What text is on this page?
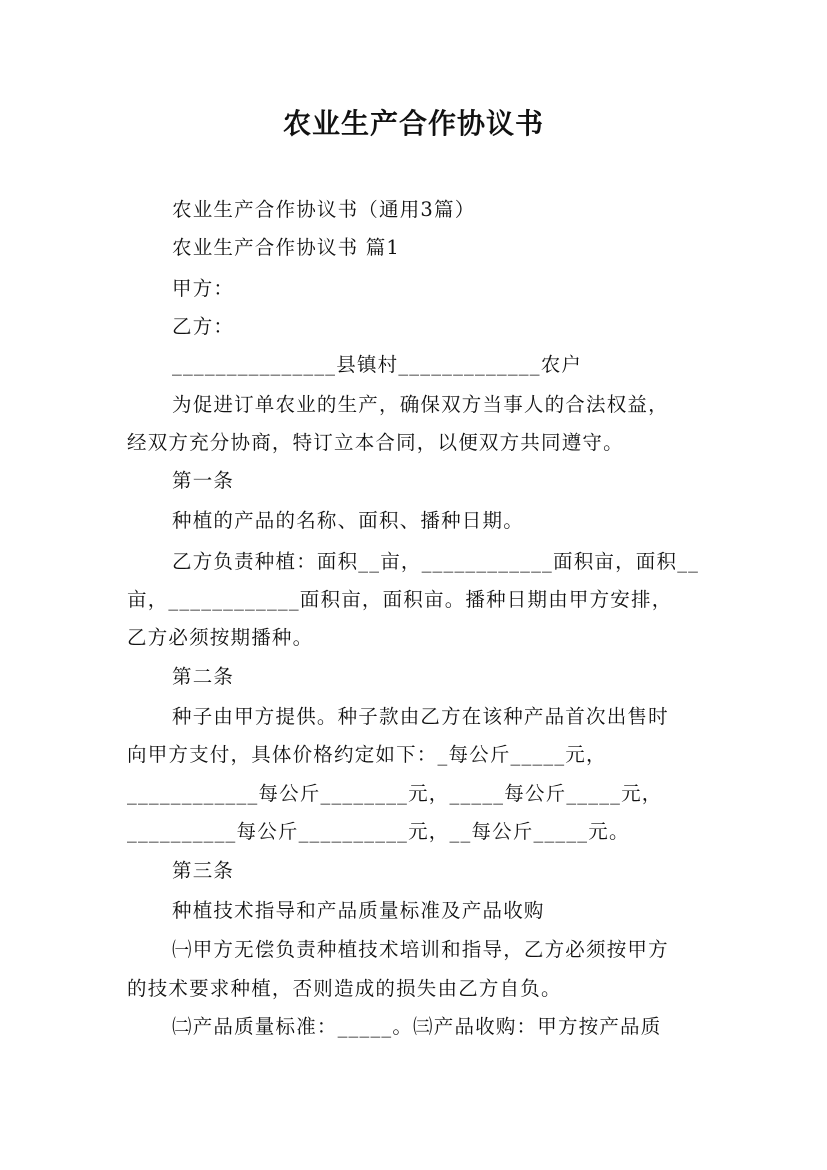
农业生产合作协议书
农业生产合作协议书（通用3篇）
农业生产合作协议书 篇1
甲方：
乙方：
_______________县镇村_____________农户
为促进订单农业的生产，确保双方当事人的合法权益，
经双方充分协商，特订立本合同，以便双方共同遵守。
第一条
种植的产品的名称、面积、播种日期。
乙方负责种植：面积__亩，____________面积亩，面积__
亩，____________面积亩，面积亩。播种日期由甲方安排，
乙方必须按期播种。
第二条
种子由甲方提供。种子款由乙方在该种产品首次出售时
向甲方支付，具体价格约定如下：_每公斤_____元，
____________每公斤________元，_____每公斤_____元，
__________每公斤__________元，__每公斤_____元。
第三条
种植技术指导和产品质量标准及产品收购
㈠甲方无偿负责种植技术培训和指导，乙方必须按甲方
的技术要求种植，否则造成的损失由乙方自负。
㈡产品质量标准：_____。㈢产品收购：甲方按产品质
